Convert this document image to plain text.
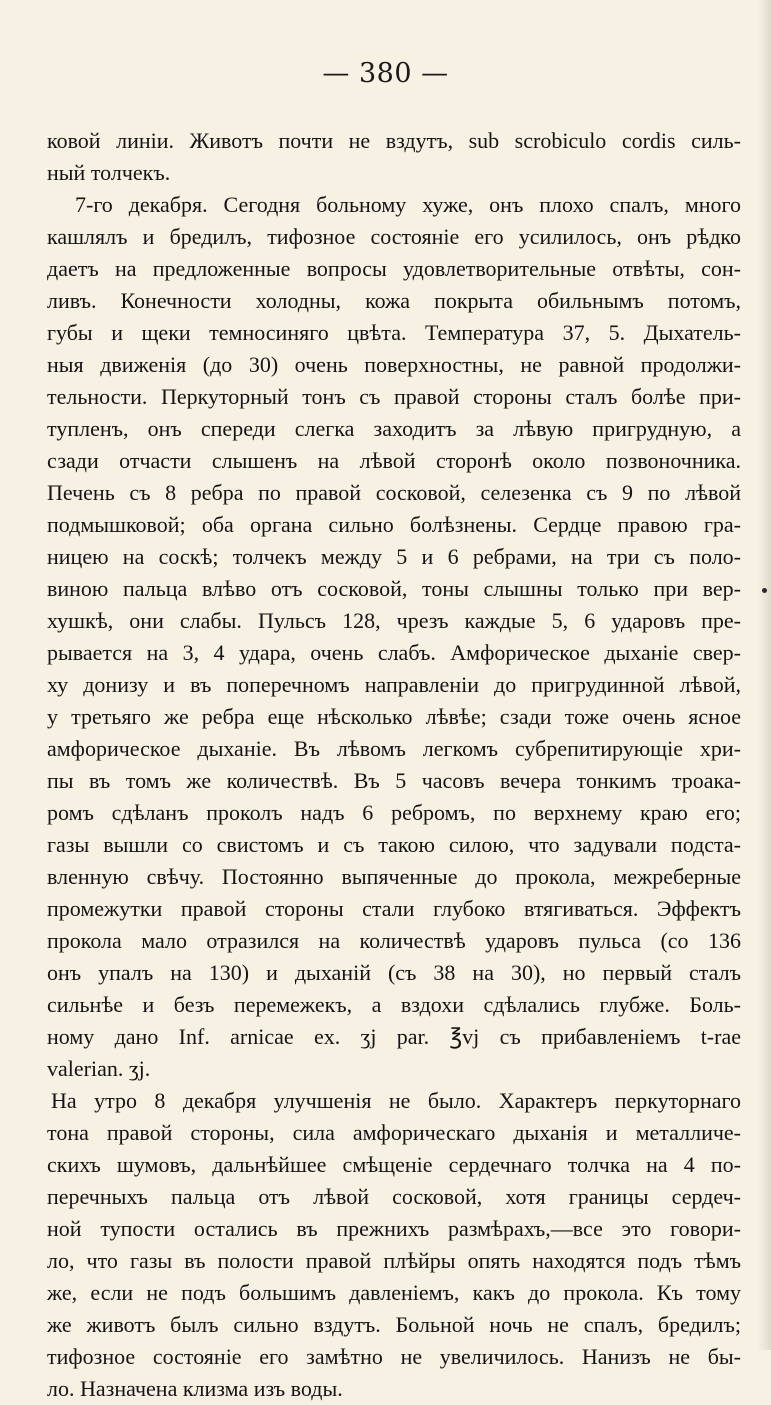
— 380 —
ковой линіи. Животъ почти не вздутъ, sub scrobiculo cordis силь-
ный толчекъ.
7-го декабря. Сегодня больному хуже, онъ плохо спалъ, много
кашлялъ и бредилъ, тифозное состояніе его усилилось, онъ рѣдко
даетъ на предложенные вопросы удовлетворительные отвѣты, сон-
ливъ. Конечности холодны, кожа покрыта обильнымъ потомъ,
губы и щеки темносиняго цвѣта. Температура 37, 5. Дыхатель-
ныя движенія (до 30) очень поверхностны, не равной продолжи-
тельности. Перкуторный тонъ съ правой стороны сталъ болѣе при-
тупленъ, онъ спереди слегка заходитъ за лѣвую пригрудную, а
сзади отчасти слышенъ на лѣвой сторонѣ около позвоночника.
Печень съ 8 ребра по правой сосковой, селезенка съ 9 по лѣвой
подмышковой; оба органа сильно болѣзнены. Сердце правою гра-
ницею на соскѣ; толчекъ между 5 и 6 ребрами, на три съ поло-
виною пальца влѣво отъ сосковой, тоны слышны только при вер-
хушкѣ, они слабы. Пульсъ 128, чрезъ каждые 5, 6 ударовъ пре-
рывается на 3, 4 удара, очень слабъ. Амфорическое дыханіе свер-
ху донизу и въ поперечномъ направленіи до пригрудинной лѣвой,
у третьяго же ребра еще нѣсколько лѣвѣе; сзади тоже очень ясное
амфорическое дыханіе. Въ лѣвомъ легкомъ субрепитирующіе хри-
пы въ томъ же количествѣ. Въ 5 часовъ вечера тонкимъ троака-
ромъ сдѣланъ проколъ надъ 6 ребромъ, по верхнему краю его;
газы вышли со свистомъ и съ такою силою, что задували подста-
вленную свѣчу. Постоянно выпяченные до прокола, межреберные
промежутки правой стороны стали глубоко втягиваться. Эффектъ
прокола мало отразился на количествѣ ударовъ пульса (со 136
онъ упалъ на 130) и дыханій (съ 38 на 30), но первый сталъ
сильнѣе и безъ перемежекъ, а вздохи сдѣлались глубже. Боль-
ному дано Inf. arnicae ex. ʒj par. ℥vj съ прибавленіемъ t-rae
valerian. ʒj.
На утро 8 декабря улучшенія не было. Характеръ перкуторнаго
тона правой стороны, сила амфорическаго дыханія и металличе-
скихъ шумовъ, дальнѣйшее смѣщеніе сердечнаго толчка на 4 по-
перечныхъ пальца отъ лѣвой сосковой, хотя границы сердеч-
ной тупости остались въ прежнихъ размѣрахъ,—все это говори-
ло, что газы въ полости правой плѣйры опять находятся подъ тѣмъ
же, если не подъ большимъ давленіемъ, какъ до прокола. Къ тому
же животъ былъ сильно вздутъ. Больной ночь не спалъ, бредилъ;
тифозное состояніе его замѣтно не увеличилось. Нанизъ не бы-
ло. Назначена клизма изъ воды.
